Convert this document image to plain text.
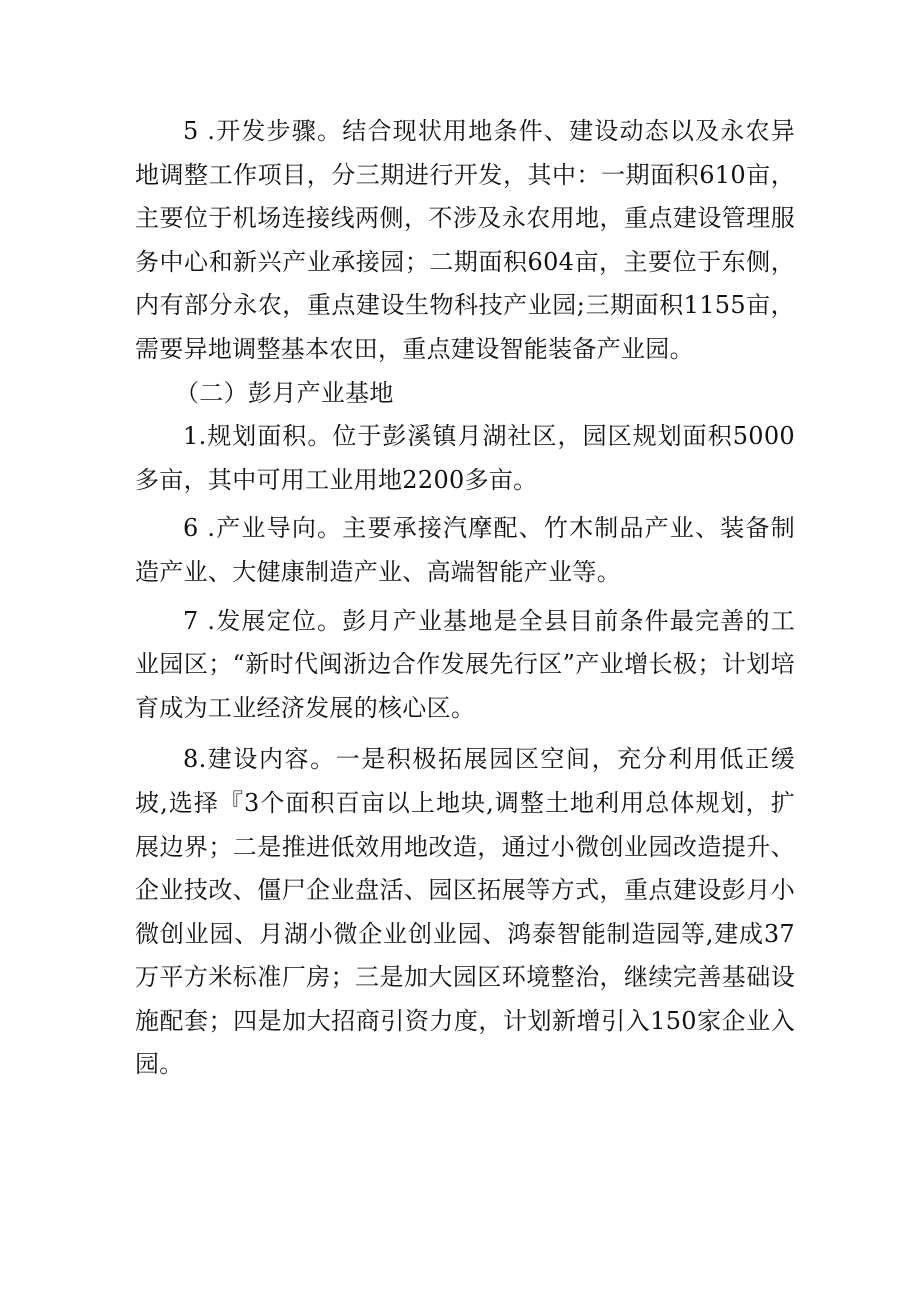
5 .开发步骤。结合现状用地条件、建设动态以及永农异地调整工作项目，分三期进行开发，其中：一期面积610亩，主要位于机场连接线两侧，不涉及永农用地，重点建设管理服务中心和新兴产业承接园；二期面积604亩，主要位于东侧，内有部分永农，重点建设生物科技产业园;三期面积1155亩，需要异地调整基本农田，重点建设智能装备产业园。

（二）彭月产业基地

1.规划面积。位于彭溪镇月湖社区，园区规划面积5000多亩，其中可用工业用地2200多亩。

6 .产业导向。主要承接汽摩配、竹木制品产业、装备制造产业、大健康制造产业、高端智能产业等。

7 .发展定位。彭月产业基地是全县目前条件最完善的工业园区；“新时代闽浙边合作发展先行区”产业增长极；计划培育成为工业经济发展的核心区。

8.建设内容。一是积极拓展园区空间，充分利用低正缓坡,选择『3个面积百亩以上地块,调整土地利用总体规划，扩展边界；二是推进低效用地改造，通过小微创业园改造提升、企业技改、僵尸企业盘活、园区拓展等方式，重点建设彭月小微创业园、月湖小微企业创业园、鸿泰智能制造园等,建成37万平方米标准厂房；三是加大园区环境整治，继续完善基础设施配套；四是加大招商引资力度，计划新增引入150家企业入园。
